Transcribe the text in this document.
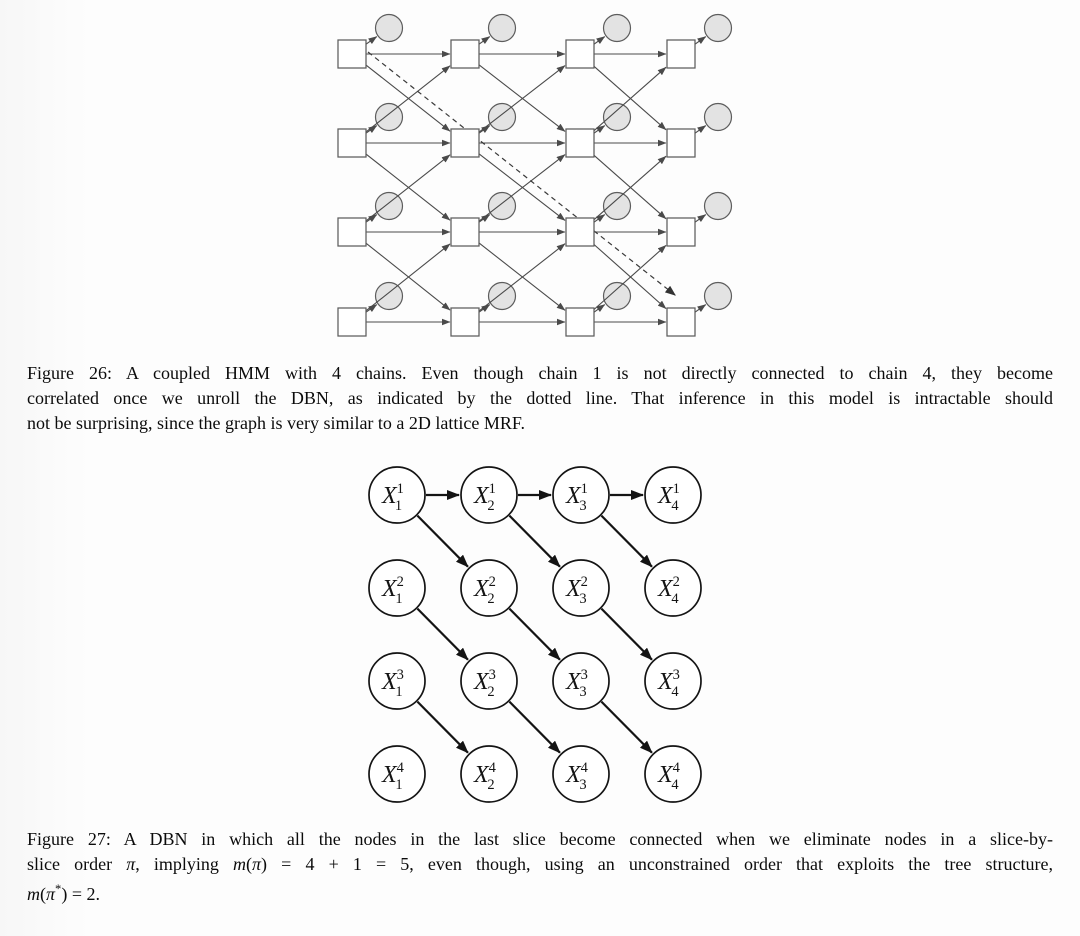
Figure 26: A coupled HMM with 4 chains. Even though chain 1 is not directly connected to chain 4, they become
correlated once we unroll the DBN, as indicated by the dotted line. That inference in this model is intractable should
not be surprising, since the graph is very similar to a 2D lattice MRF.
$X^1$ 1	$X^1$ 2	$X^1$ 3	$X^1$ 4
$X^2$ 1	$X^2$ 2	$X^2$ 3	$X^2$ 4
$X^3$ 1	$X^3$ 2	$X^3$ 3	$X^3$ 4
$X^4$ 1	$X^4$ 2	$X^4$ 3	$X^4$ 4
Figure 27: A DBN in which all the nodes in the last slice become connected when we eliminate nodes in a slice-by-
slice order π, implying m(π) = 4 + 1 = 5, even though, using an unconstrained order that exploits the tree structure,
m(π*) = 2.
